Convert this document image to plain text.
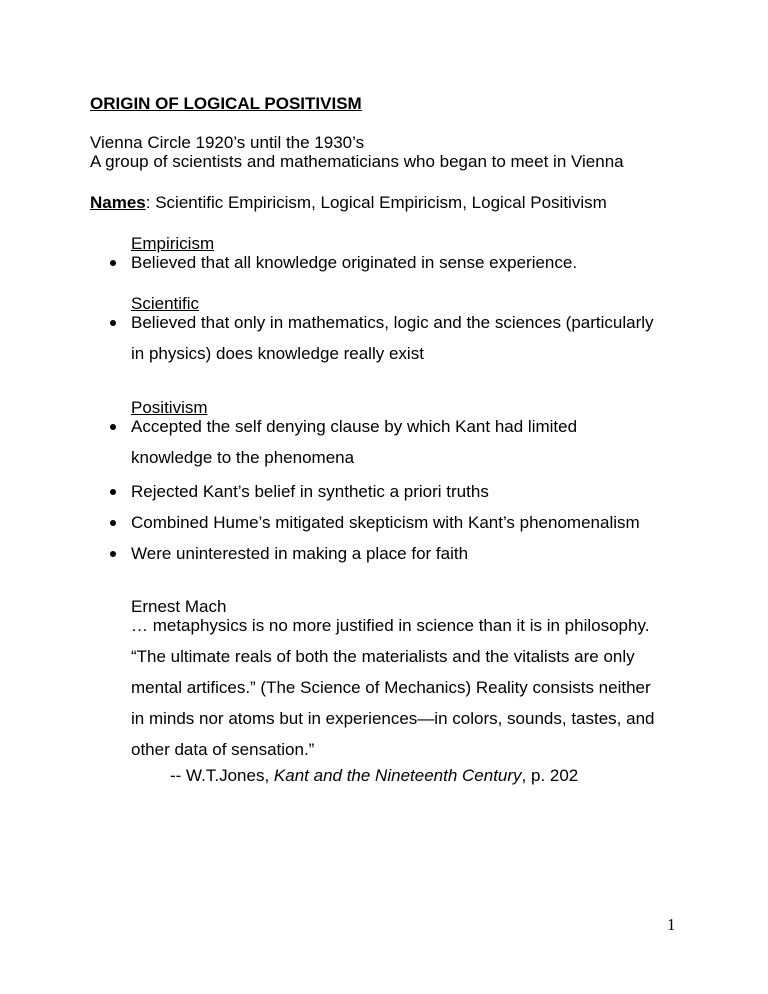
ORIGIN OF LOGICAL POSITIVISM
Vienna Circle 1920’s until the 1930’s
A group of scientists and mathematicians who began to meet in Vienna
Names: Scientific Empiricism, Logical Empiricism, Logical Positivism
Empiricism
Believed that all knowledge originated in sense experience.
Scientific
Believed that only in mathematics, logic and the sciences (particularly
in physics) does knowledge really exist
Positivism
Accepted the self denying clause by which Kant had limited
knowledge to the phenomena
Rejected Kant’s belief in synthetic a priori truths
Combined Hume’s mitigated skepticism with Kant’s phenomenalism
Were uninterested in making a place for faith
Ernest Mach
… metaphysics is no more justified in science than it is in philosophy.
“The ultimate reals of both the materialists and the vitalists are only
mental artifices.” (The Science of Mechanics) Reality consists neither
in minds nor atoms but in experiences—in colors, sounds, tastes, and
other data of sensation.”
-- W.T.Jones, Kant and the Nineteenth Century, p. 202
1
